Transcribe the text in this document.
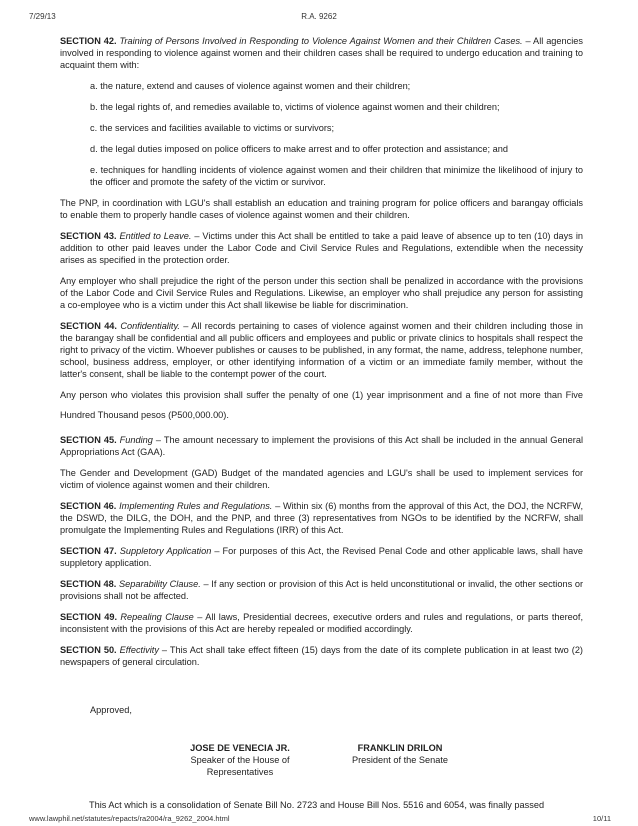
7/29/13	R.A. 9262

SECTION 42. Training of Persons Involved in Responding to Violence Against Women and their Children Cases. – All agencies involved in responding to violence against women and their children cases shall be required to undergo education and training to acquaint them with:

a. the nature, extend and causes of violence against women and their children;

b. the legal rights of, and remedies available to, victims of violence against women and their children;

c. the services and facilities available to victims or survivors;

d. the legal duties imposed on police officers to make arrest and to offer protection and assistance; and

e. techniques for handling incidents of violence against women and their children that minimize the likelihood of injury to the officer and promote the safety of the victim or survivor.

The PNP, in coordination with LGU's shall establish an education and training program for police officers and barangay officials to enable them to properly handle cases of violence against women and their children.

SECTION 43. Entitled to Leave. – Victims under this Act shall be entitled to take a paid leave of absence up to ten (10) days in addition to other paid leaves under the Labor Code and Civil Service Rules and Regulations, extendible when the necessity arises as specified in the protection order.

Any employer who shall prejudice the right of the person under this section shall be penalized in accordance with the provisions of the Labor Code and Civil Service Rules and Regulations. Likewise, an employer who shall prejudice any person for assisting a co-employee who is a victim under this Act shall likewise be liable for discrimination.

SECTION 44. Confidentiality. – All records pertaining to cases of violence against women and their children including those in the barangay shall be confidential and all public officers and employees and public or private clinics to hospitals shall respect the right to privacy of the victim. Whoever publishes or causes to be published, in any format, the name, address, telephone number, school, business address, employer, or other identifying information of a victim or an immediate family member, without the latter's consent, shall be liable to the contempt power of the court.

Any person who violates this provision shall suffer the penalty of one (1) year imprisonment and a fine of not more than Five Hundred Thousand pesos (P500,000.00).

SECTION 45. Funding – The amount necessary to implement the provisions of this Act shall be included in the annual General Appropriations Act (GAA).

The Gender and Development (GAD) Budget of the mandated agencies and LGU's shall be used to implement services for victim of violence against women and their children.

SECTION 46. Implementing Rules and Regulations. – Within six (6) months from the approval of this Act, the DOJ, the NCRFW, the DSWD, the DILG, the DOH, and the PNP, and three (3) representatives from NGOs to be identified by the NCRFW, shall promulgate the Implementing Rules and Regulations (IRR) of this Act.

SECTION 47. Suppletory Application – For purposes of this Act, the Revised Penal Code and other applicable laws, shall have suppletory application.

SECTION 48. Separability Clause. – If any section or provision of this Act is held unconstitutional or invalid, the other sections or provisions shall not be affected.

SECTION 49. Repealing Clause – All laws, Presidential decrees, executive orders and rules and regulations, or parts thereof, inconsistent with the provisions of this Act are hereby repealed or modified accordingly.

SECTION 50. Effectivity – This Act shall take effect fifteen (15) days from the date of its complete publication in at least two (2) newspapers of general circulation.

Approved,
JOSE DE VENECIA JR.
Speaker of the House of Representatives
FRANKLIN DRILON
President of the Senate
This Act which is a consolidation of Senate Bill No. 2723 and House Bill Nos. 5516 and 6054, was finally passed
www.lawphil.net/statutes/repacts/ra2004/ra_9262_2004.html	10/11
